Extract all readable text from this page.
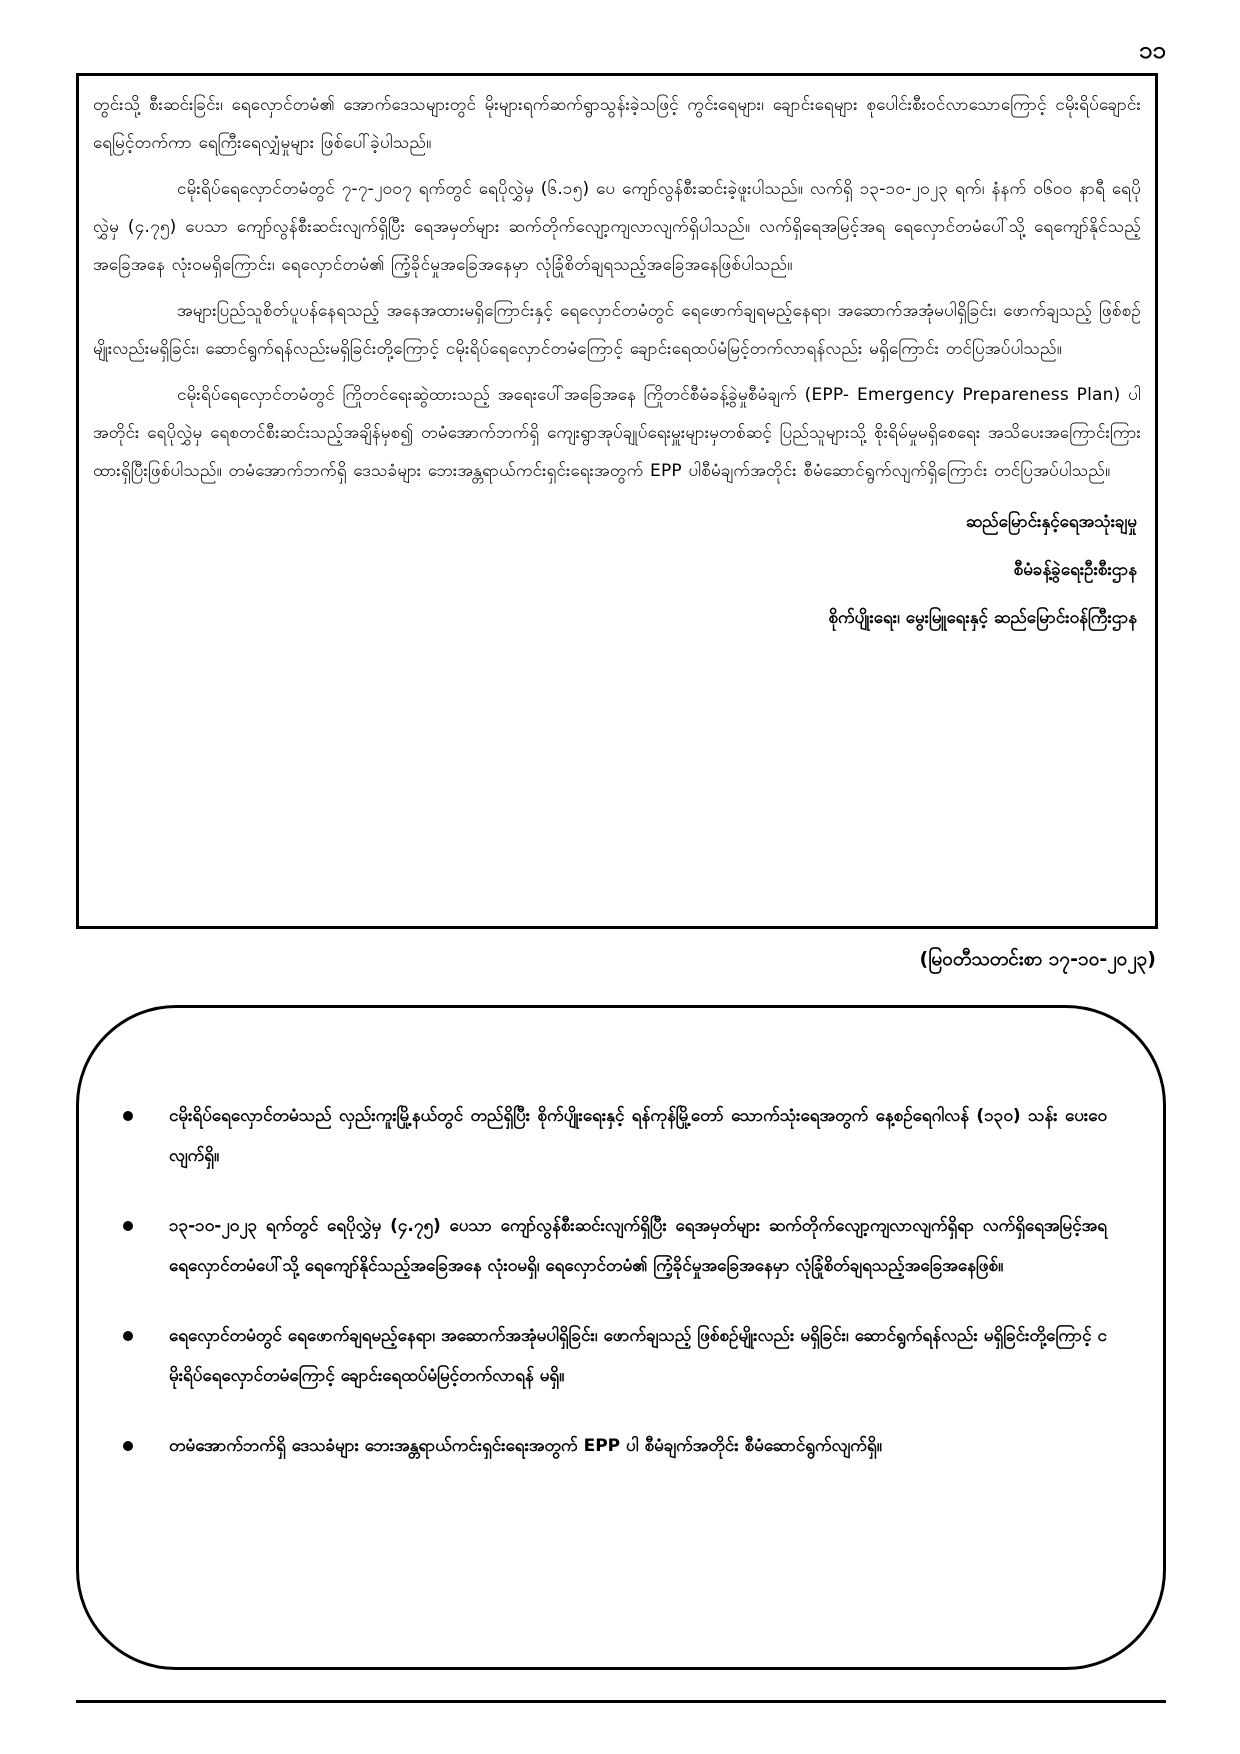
၁၁

တွင်းသို့ စီးဆင်းခြင်း၊ ရေလှောင်တမံ၏ အောက်ဒေသများတွင် မိုးများရက်ဆက်ရွာသွန်းခဲ့သဖြင့် ကွင်းရေများ၊ ချောင်းရေများ စုပေါင်းစီးဝင်လာသောကြောင့် ငမိုးရိပ်ချောင်းရေမြင့်တက်ကာ ရေကြီးရေလျှံမှုများ ဖြစ်ပေါ်ခဲ့ပါသည်။

ငမိုးရိပ်ရေလှောင်တမံတွင် ၇-၇-၂၀၀၇ ရက်တွင် ရေပိုလွှဲမှ (၆.၁၅) ပေ ကျော်လွန်စီးဆင်းခဲ့ဖူးပါသည်။ လက်ရှိ ၁၃-၁၀-၂၀၂၃ ရက်၊ နံနက် ၀၆၀၀ နာရီ ရေပိုလွှဲမှ (၄.၇၅) ပေသာ ကျော်လွန်စီးဆင်းလျက်ရှိပြီး ရေအမှတ်များ ဆက်တိုက်လျော့ကျလာလျက်ရှိပါသည်။ လက်ရှိရေအမြင့်အရ ရေလှောင်တမံပေါ်သို့ ရေကျော်နိုင်သည့်အခြေအနေ လုံးဝမရှိကြောင်း၊ ရေလှောင်တမံ၏ ကြံ့ခိုင်မှုအခြေအနေမှာ လုံခြုံစိတ်ချရသည့်အခြေအနေဖြစ်ပါသည်။

အများပြည်သူစိတ်ပူပန်နေရသည့် အနေအထားမရှိကြောင်းနှင့် ရေလှောင်တမံတွင် ရေဖောက်ချရမည့်နေရာ၊ အဆောက်အအုံမပါရှိခြင်း၊ ဖောက်ချသည့် ဖြစ်စဉ်မျိုးလည်းမရှိခြင်း၊ ဆောင်ရွက်ရန်လည်းမရှိခြင်းတို့ကြောင့် ငမိုးရိပ်ရေလှောင်တမံကြောင့် ချောင်းရေထပ်မံမြင့်တက်လာရန်လည်း မရှိကြောင်း တင်ပြအပ်ပါသည်။

ငမိုးရိပ်ရေလှောင်တမံတွင် ကြိုတင်ရေးဆွဲထားသည့် အရေးပေါ်အခြေအနေ ကြိုတင်စီမံခန့်ခွဲမှုစီမံချက် (EPP- Emergency Prepareness Plan) ပါအတိုင်း ရေပိုလွှဲမှ ရေစတင်စီးဆင်းသည့်အချိန်မှစ၍ တမံအောက်ဘက်ရှိ ကျေးရွာအုပ်ချုပ်ရေးမှူးများမှတစ်ဆင့် ပြည်သူများသို့ စိုးရိမ်မှုမရှိစေရေး အသိပေးအကြောင်းကြားထားရှိပြီးဖြစ်ပါသည်။ တမံအောက်ဘက်ရှိ ဒေသခံများ ဘေးအန္တရာယ်ကင်းရှင်းရေးအတွက် EPP ပါစီမံချက်အတိုင်း စီမံဆောင်ရွက်လျက်ရှိကြောင်း တင်ပြအပ်ပါသည်။

ဆည်မြောင်းနှင့်ရေအသုံးချမှု

စီမံခန့်ခွဲရေးဦးစီးဌာန

စိုက်ပျိုးရေး၊ မွေးမြူရေးနှင့် ဆည်မြောင်းဝန်ကြီးဌာန

(မြဝတီသတင်းစာ ၁၇-၁၀-၂၀၂၃)
ငမိုးရိပ်ရေလှောင်တမံသည် လှည်းကူးမြို့နယ်တွင် တည်ရှိပြီး စိုက်ပျိုးရေးနှင့် ရန်ကုန်မြို့တော် သောက်သုံးရေအတွက် နေ့စဉ်ရေဂါလန် (၁၃၀) သန်း ပေးဝေလျက်ရှိ။
၁၃-၁၀-၂၀၂၃ ရက်တွင် ရေပိုလွှဲမှ (၄.၇၅) ပေသာ ကျော်လွန်စီးဆင်းလျက်ရှိပြီး ရေအမှတ်များ ဆက်တိုက်လျော့ကျလာလျက်ရှိရာ လက်ရှိရေအမြင့်အရ ရေလှောင်တမံပေါ်သို့ ရေကျော်နိုင်သည့်အခြေအနေ လုံးဝမရှိ၊ ရေလှောင်တမံ၏ ကြံ့ခိုင်မှုအခြေအနေမှာ လုံခြုံစိတ်ချရသည့်အခြေအနေဖြစ်။
ရေလှောင်တမံတွင် ရေဖောက်ချရမည့်နေရာ၊ အဆောက်အအုံမပါရှိခြင်း၊ ဖောက်ချသည့် ဖြစ်စဉ်မျိုးလည်း မရှိခြင်း၊ ဆောင်ရွက်ရန်လည်း မရှိခြင်းတို့ကြောင့် ငမိုးရိပ်ရေလှောင်တမံကြောင့် ချောင်းရေထပ်မံမြင့်တက်လာရန် မရှိ။
တမံအောက်ဘက်ရှိ ဒေသခံများ ဘေးအန္တရာယ်ကင်းရှင်းရေးအတွက် EPP ပါ စီမံချက်အတိုင်း စီမံဆောင်ရွက်လျက်ရှိ။
